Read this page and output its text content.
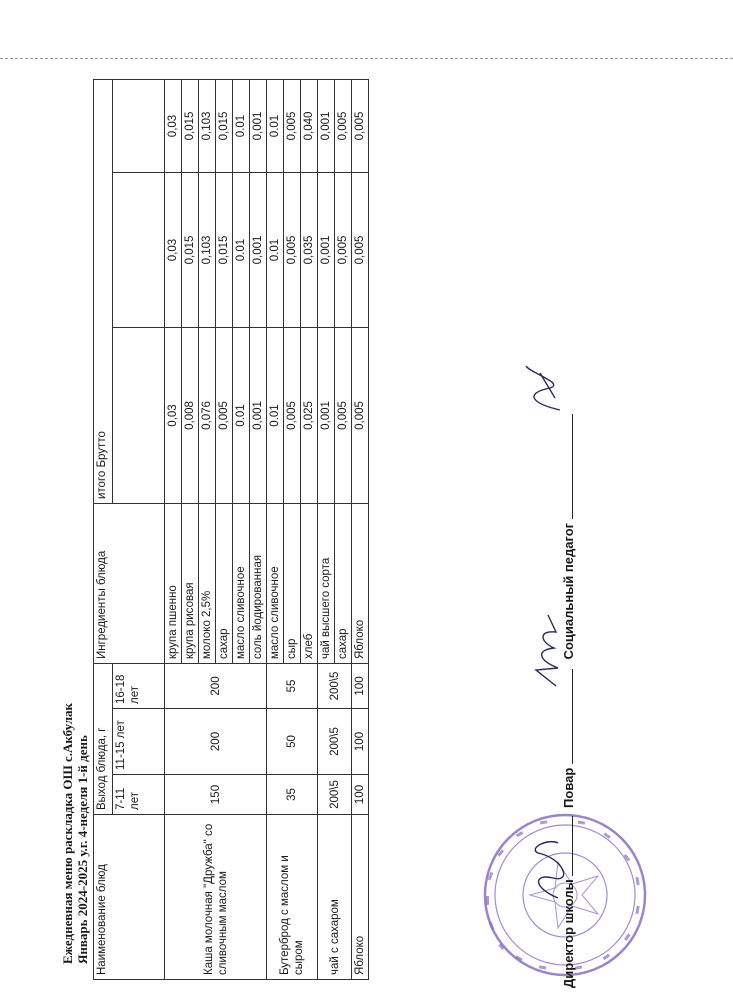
Ежедневная меню раскладка ОШ с.Акбулак Январь 2024-2025 у.г. 4-неделя 1-й день Наименование блюд	Выход блюда, г			Ингредиенты блюда	итого Брутто		
	7-11 лет	11-15 лет	16-18 лет				
Каша молочная "Дружба" со сливочным маслом	150	200	200	крупа пшенно	0,03	0,03	0,03
				крупа рисовая	0,008	0,015	0,015
				молоко 2,5%	0,076	0,103	0,103
				сахар	0,005	0,015	0,015
				масло сливочное	0.01	0.01	0.01
				соль йодированная	0,001	0,001	0,001
Бутерброд с маслом и сыром	35	50	55	масло сливочное	0.01	0.01	0.01
				сыр	0,005	0,005	0,005
				хлеб	0,025	0,035	0,040
чай с сахаром	200\5	200\5	200\5	чай высшего сорта	0,001	0,001	0,001
				сахар	0,005	0,005	0,005
Яблоко	100	100	100	Яблоко	0,005	0,005	0,005
Директор школы  Повар  Социальный педагог
